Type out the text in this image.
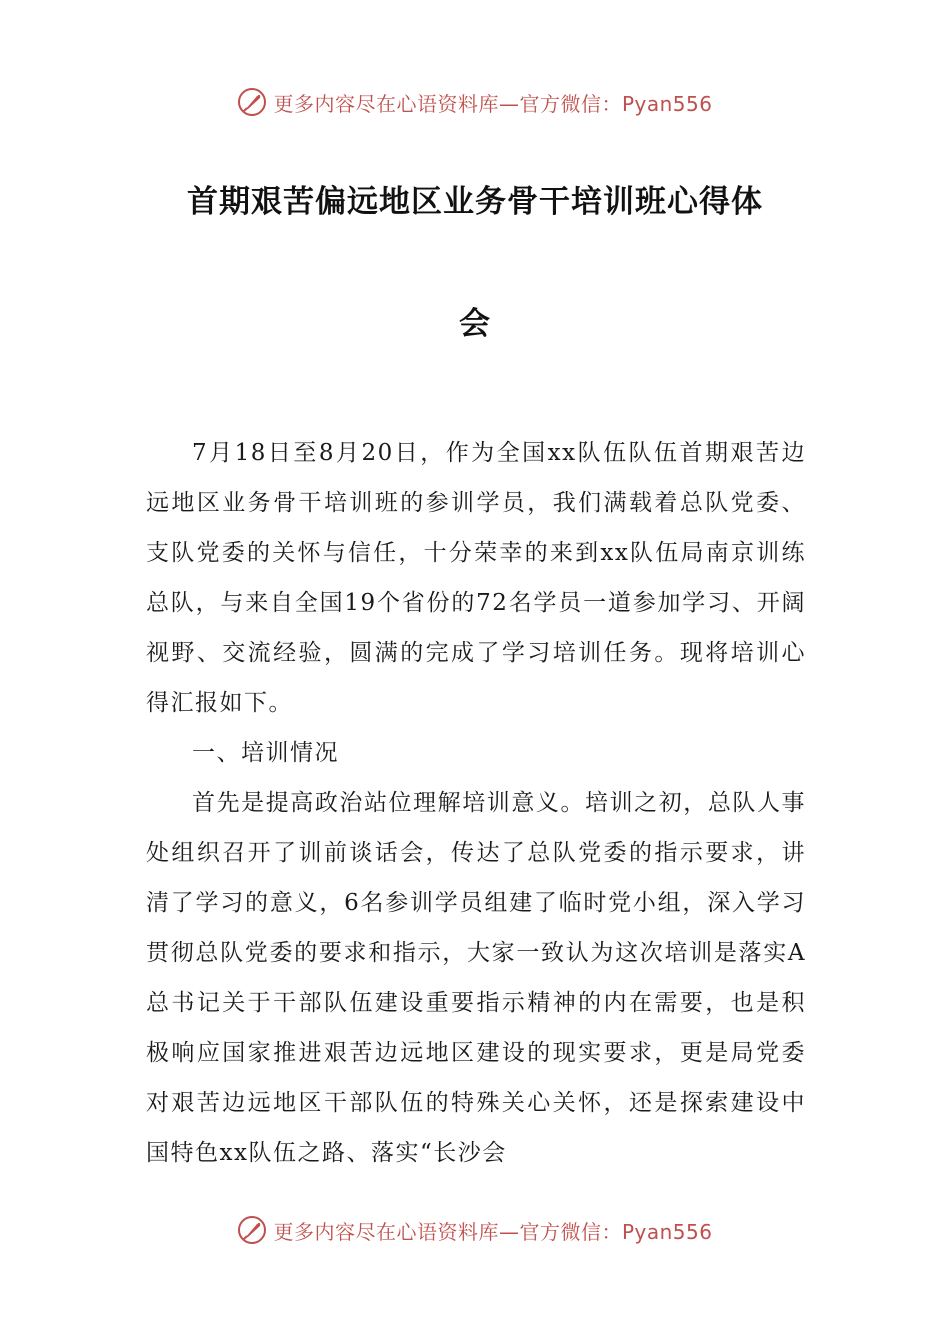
更多内容尽在心语资料库—官方微信：Pyan556
首期艰苦偏远地区业务骨干培训班心得体
会

7月18日至8月20日，作为全国xx队伍队伍首期艰苦边远地区业务骨干培训班的参训学员，我们满载着总队党委、支队党委的关怀与信任，十分荣幸的来到xx队伍局南京训练总队，与来自全国19个省份的72名学员一道参加学习、开阔视野、交流经验，圆满的完成了学习培训任务。现将培训心得汇报如下。

一、培训情况

首先是提高政治站位理解培训意义。培训之初，总队人事处组织召开了训前谈话会，传达了总队党委的指示要求，讲清了学习的意义，6名参训学员组建了临时党小组，深入学习贯彻总队党委的要求和指示，大家一致认为这次培训是落实A总书记关于干部队伍建设重要指示精神的内在需要，也是积极响应国家推进艰苦边远地区建设的现实要求，更是局党委对艰苦边远地区干部队伍的特殊关心关怀，还是探索建设中国特色xx队伍之路、落实“长沙会

更多内容尽在心语资料库—官方微信：Pyan556
